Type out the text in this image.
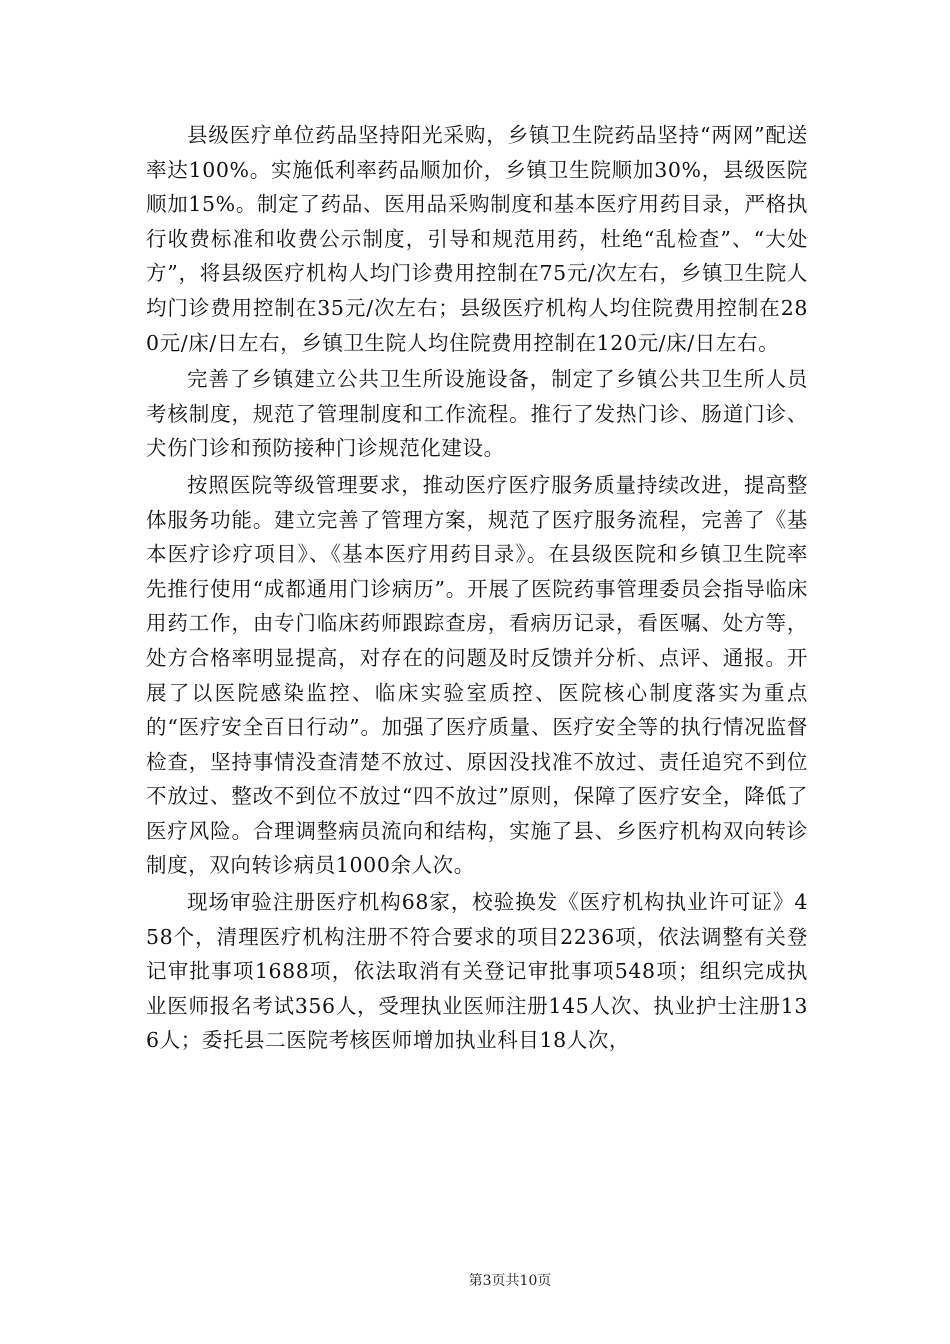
县级医疗单位药品坚持阳光采购，乡镇卫生院药品坚持“两网”配送率达100%。实施低利率药品顺加价，乡镇卫生院顺加30%，县级医院顺加15%。制定了药品、医用品采购制度和基本医疗用药目录，严格执行收费标准和收费公示制度，引导和规范用药，杜绝“乱检查”、“大处方”，将县级医疗机构人均门诊费用控制在75元/次左右，乡镇卫生院人均门诊费用控制在35元/次左右；县级医疗机构人均住院费用控制在280元/床/日左右，乡镇卫生院人均住院费用控制在120元/床/日左右。

完善了乡镇建立公共卫生所设施设备，制定了乡镇公共卫生所人员考核制度，规范了管理制度和工作流程。推行了发热门诊、肠道门诊、犬伤门诊和预防接种门诊规范化建设。

按照医院等级管理要求，推动医疗医疗服务质量持续改进，提高整体服务功能。建立完善了管理方案，规范了医疗服务流程，完善了《基本医疗诊疗项目》、《基本医疗用药目录》。在县级医院和乡镇卫生院率先推行使用“成都通用门诊病历”。开展了医院药事管理委员会指导临床用药工作，由专门临床药师跟踪查房，看病历记录，看医嘱、处方等，处方合格率明显提高，对存在的问题及时反馈并分析、点评、通报。开展了以医院感染监控、临床实验室质控、医院核心制度落实为重点的“医疗安全百日行动”。加强了医疗质量、医疗安全等的执行情况监督检查，坚持事情没查清楚不放过、原因没找准不放过、责任追究不到位不放过、整改不到位不放过“四不放过”原则，保障了医疗安全，降低了医疗风险。合理调整病员流向和结构，实施了县、乡医疗机构双向转诊制度，双向转诊病员1000余人次。

现场审验注册医疗机构68家，校验换发《医疗机构执业许可证》458个，清理医疗机构注册不符合要求的项目2236项，依法调整有关登记审批事项1688项，依法取消有关登记审批事项548项；组织完成执业医师报名考试356人，受理执业医师注册145人次、执业护士注册136人；委托县二医院考核医师增加执业科目18人次，

第3页共10页
